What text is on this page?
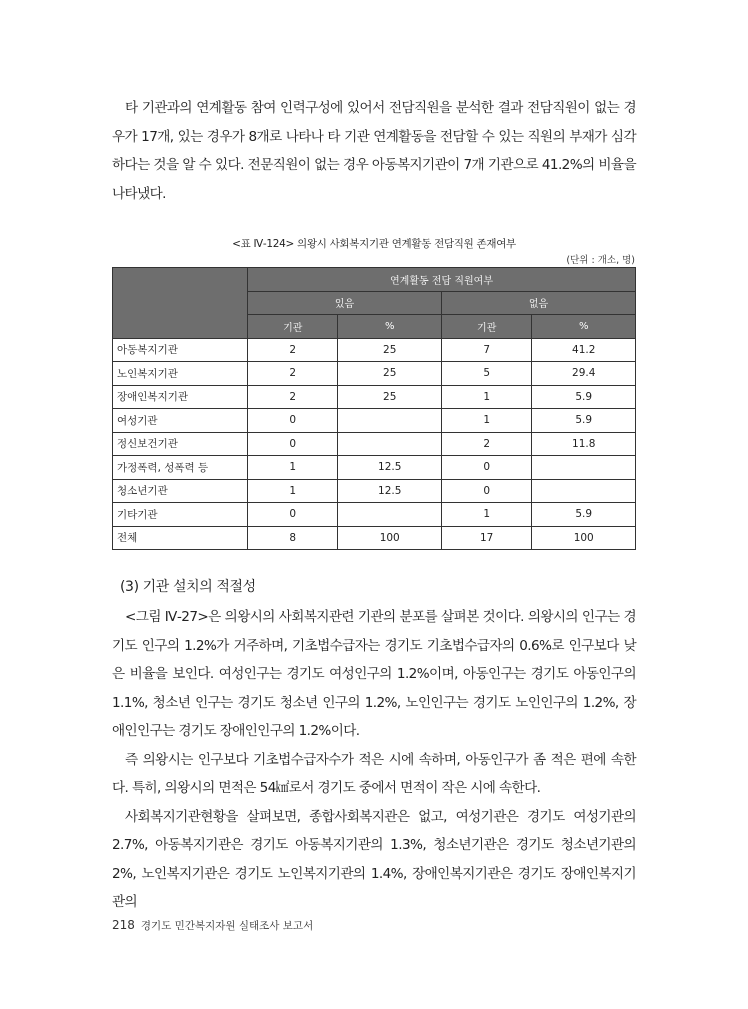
타 기관과의 연계활동 참여 인력구성에 있어서 전담직원을 분석한 결과 전담직원이 없는 경우가 17개, 있는 경우가 8개로 나타나 타 기관 연계활동을 전담할 수 있는 직원의 부재가 심각하다는 것을 알 수 있다. 전문직원이 없는 경우 아동복지기관이 7개 기관으로 41.2%의 비율을 나타냈다.

<표 Ⅳ-124> 의왕시 사회복지기관 연계활동 전담직원 존재여부
(단위 : 개소, 명)
	연계활동 전담 직원여부			
	있음		없음	
	기관	%	기관	%
아동복지기관	2	25	7	41.2
노인복지기관	2	25	5	29.4
장애인복지기관	2	25	1	5.9
여성기관	0		1	5.9
정신보건기관	0		2	11.8
가정폭력, 성폭력 등	1	12.5	0	
청소년기관	1	12.5	0	
기타기관	0		1	5.9
전체	8	100	17	100
(3) 기관 설치의 적절성

<그림 Ⅳ-27>은 의왕시의 사회복지관련 기관의 분포를 살펴본 것이다. 의왕시의 인구는 경기도 인구의 1.2%가 거주하며, 기초법수급자는 경기도 기초법수급자의 0.6%로 인구보다 낮은 비율을 보인다. 여성인구는 경기도 여성인구의 1.2%이며, 아동인구는 경기도 아동인구의 1.1%, 청소년 인구는 경기도 청소년 인구의 1.2%, 노인인구는 경기도 노인인구의 1.2%, 장애인인구는 경기도 장애인인구의 1.2%이다.

즉 의왕시는 인구보다 기초법수급자수가 적은 시에 속하며, 아동인구가 좀 적은 편에 속한다. 특히, 의왕시의 면적은 54㎢로서 경기도 중에서 면적이 작은 시에 속한다.

사회복지기관현황을 살펴보면, 종합사회복지관은 없고, 여성기관은 경기도 여성기관의 2.7%, 아동복지기관은 경기도 아동복지기관의 1.3%, 청소년기관은 경기도 청소년기관의 2%, 노인복지기관은 경기도 노인복지기관의 1.4%, 장애인복지기관은 경기도 장애인복지기관의

218 경기도 민간복지자원 실태조사 보고서
